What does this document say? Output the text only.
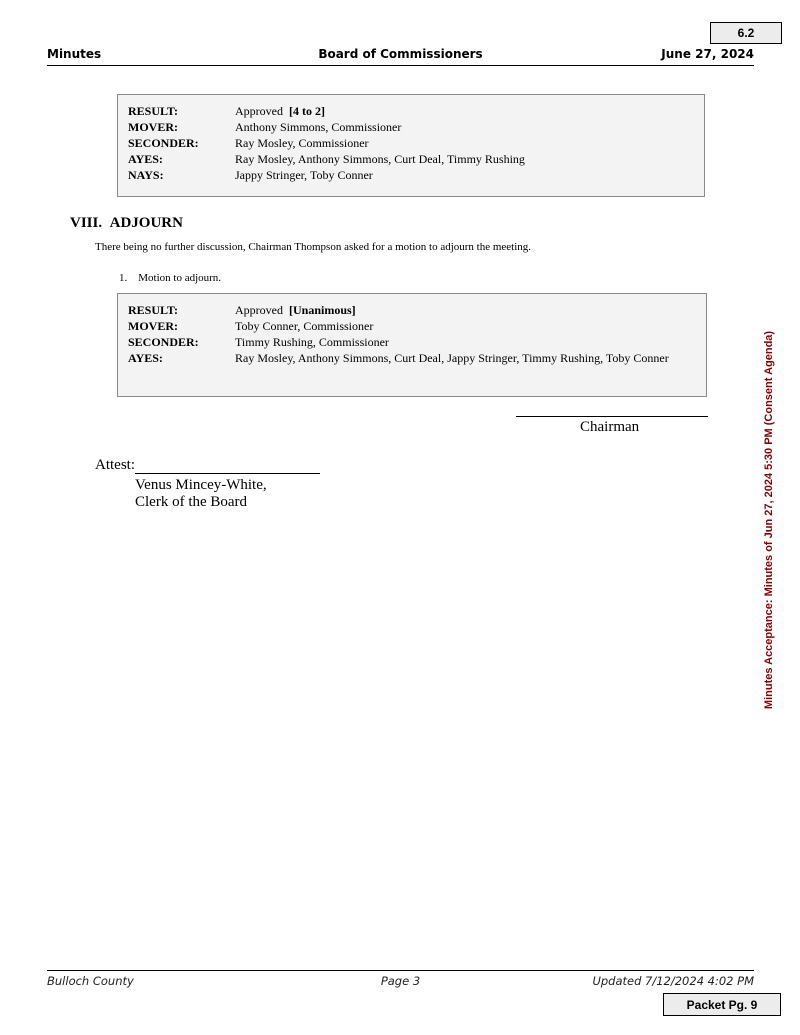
6.2
Minutes	Board of Commissioners	June 27, 2024
RESULT:	Approved [4 to 2]
MOVER:	Anthony Simmons, Commissioner
SECONDER:	Ray Mosley, Commissioner
AYES:	Ray Mosley, Anthony Simmons, Curt Deal, Timmy Rushing
NAYS:	Jappy Stringer, Toby Conner
VIII. ADJOURN
There being no further discussion, Chairman Thompson asked for a motion to adjourn the meeting.
1. Motion to adjourn.
RESULT:	Approved [Unanimous]
MOVER:	Toby Conner, Commissioner
SECONDER:	Timmy Rushing, Commissioner
AYES:	Ray Mosley, Anthony Simmons, Curt Deal, Jappy Stringer, Timmy Rushing, Toby Conner
Chairman
Attest:
Venus Mincey-White,
Clerk of the Board	Minutes Acceptance: Minutes of Jun 27, 2024 5:30 PM (Consent Agenda)
Bulloch County	Page 3	Updated 7/12/2024 4:02 PM
Packet Pg. 9
